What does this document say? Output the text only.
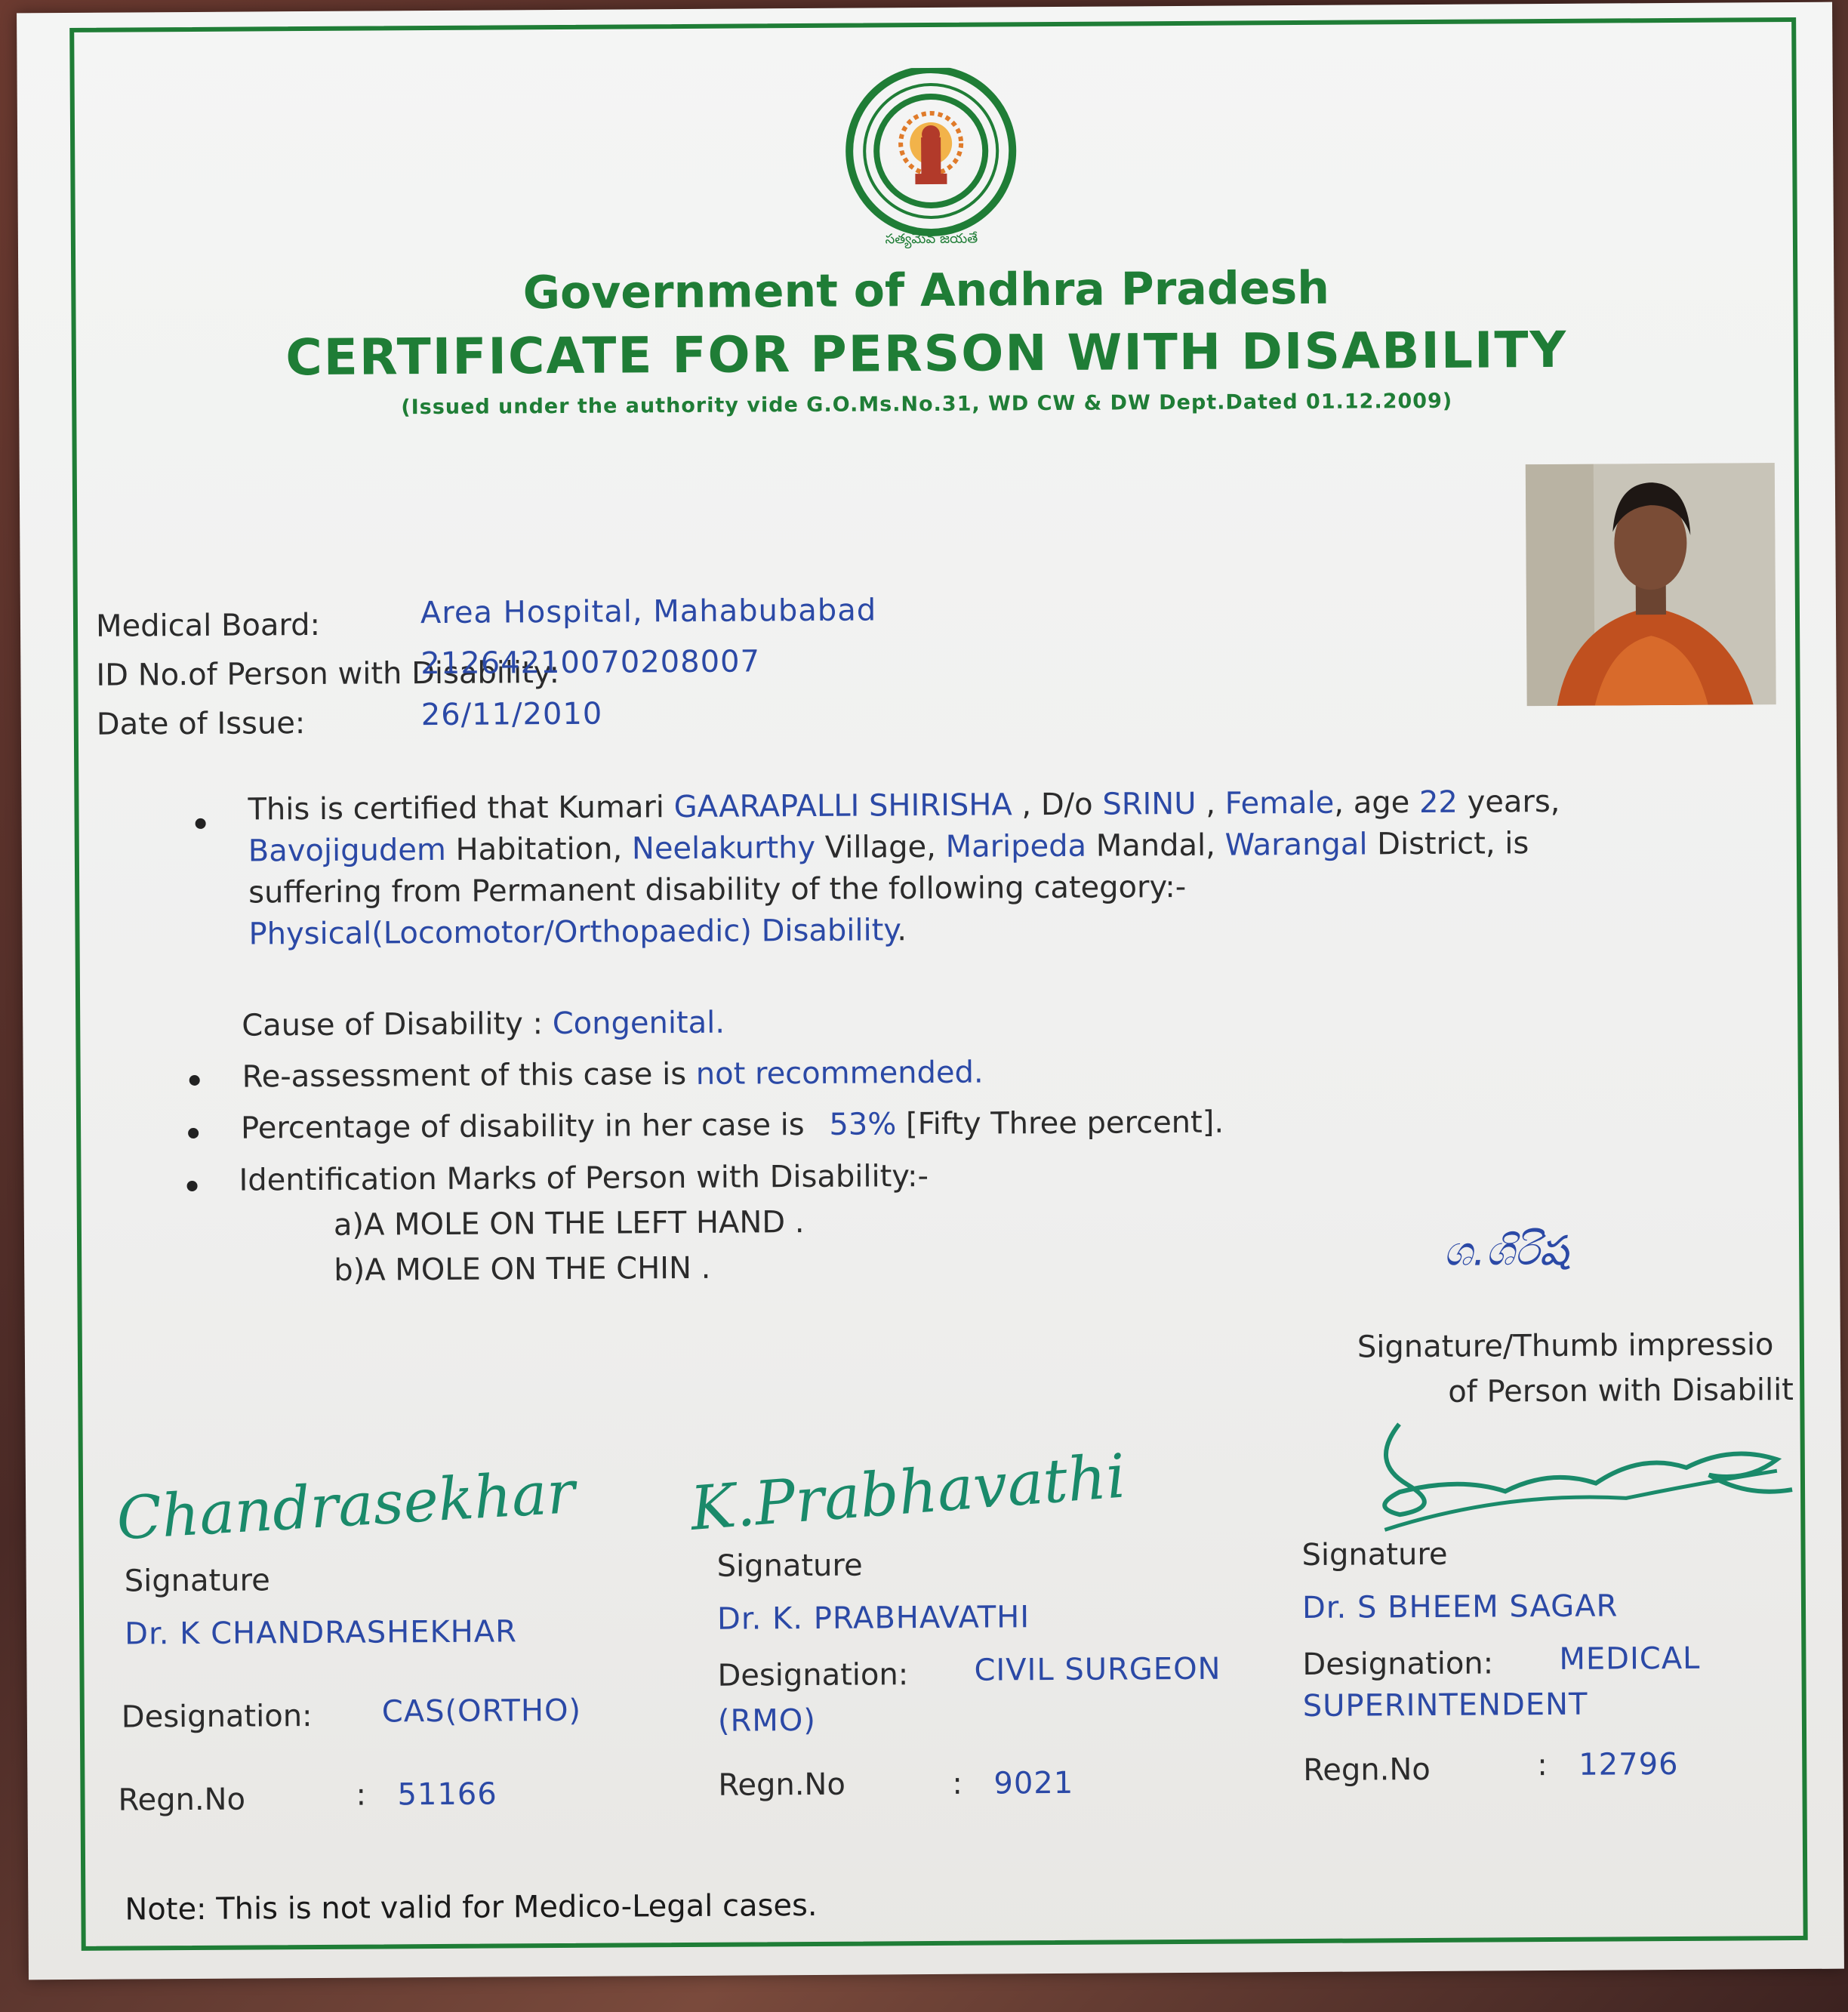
సత్యమేవ జయతే
Government of Andhra Pradesh
CERTIFICATE FOR PERSON WITH DISABILITY
(Issued under the authority vide G.O.Ms.No.31, WD CW & DW Dept.Dated 01.12.2009)
Medical Board:	Area Hospital, Mahabubabad
ID No.of Person with Disability:
21264210070208007
Date of Issue:	26/11/2010
This is certified that Kumari GAARAPALLI SHIRISHA , D/o SRINU , Female, age 22 years,
Bavojigudem Habitation, Neelakurthy Village, Maripeda Mandal, Warangal District, is
suffering from Permanent disability of the following category:-
Physical(Locomotor/Orthopaedic) Disability.
Cause of Disability : Congenital.
Re-assessment of this case is not recommended.
Percentage of disability in her case is 53% [Fifty Three percent].
Identification Marks of Person with Disability:-
a)A MOLE ON THE LEFT HAND .
b)A MOLE ON THE CHIN .	ශ.ශිරිష
Signature/Thumb impressio
of Person with Disabilit
Chandrasekhar K.Prabhavathi
Signature
Dr. K CHANDRASHEKHAR
Designation: CAS(ORTHO)
Regn.No	: 51166
Signature
Dr. K. PRABHAVATHI
Designation: CIVIL SURGEON
(RMO)
Regn.No	: 9021
Signature
Dr. S BHEEM SAGAR
Designation: MEDICAL
SUPERINTENDENT
Regn.No	: 12796
Note: This is not valid for Medico-Legal cases.
